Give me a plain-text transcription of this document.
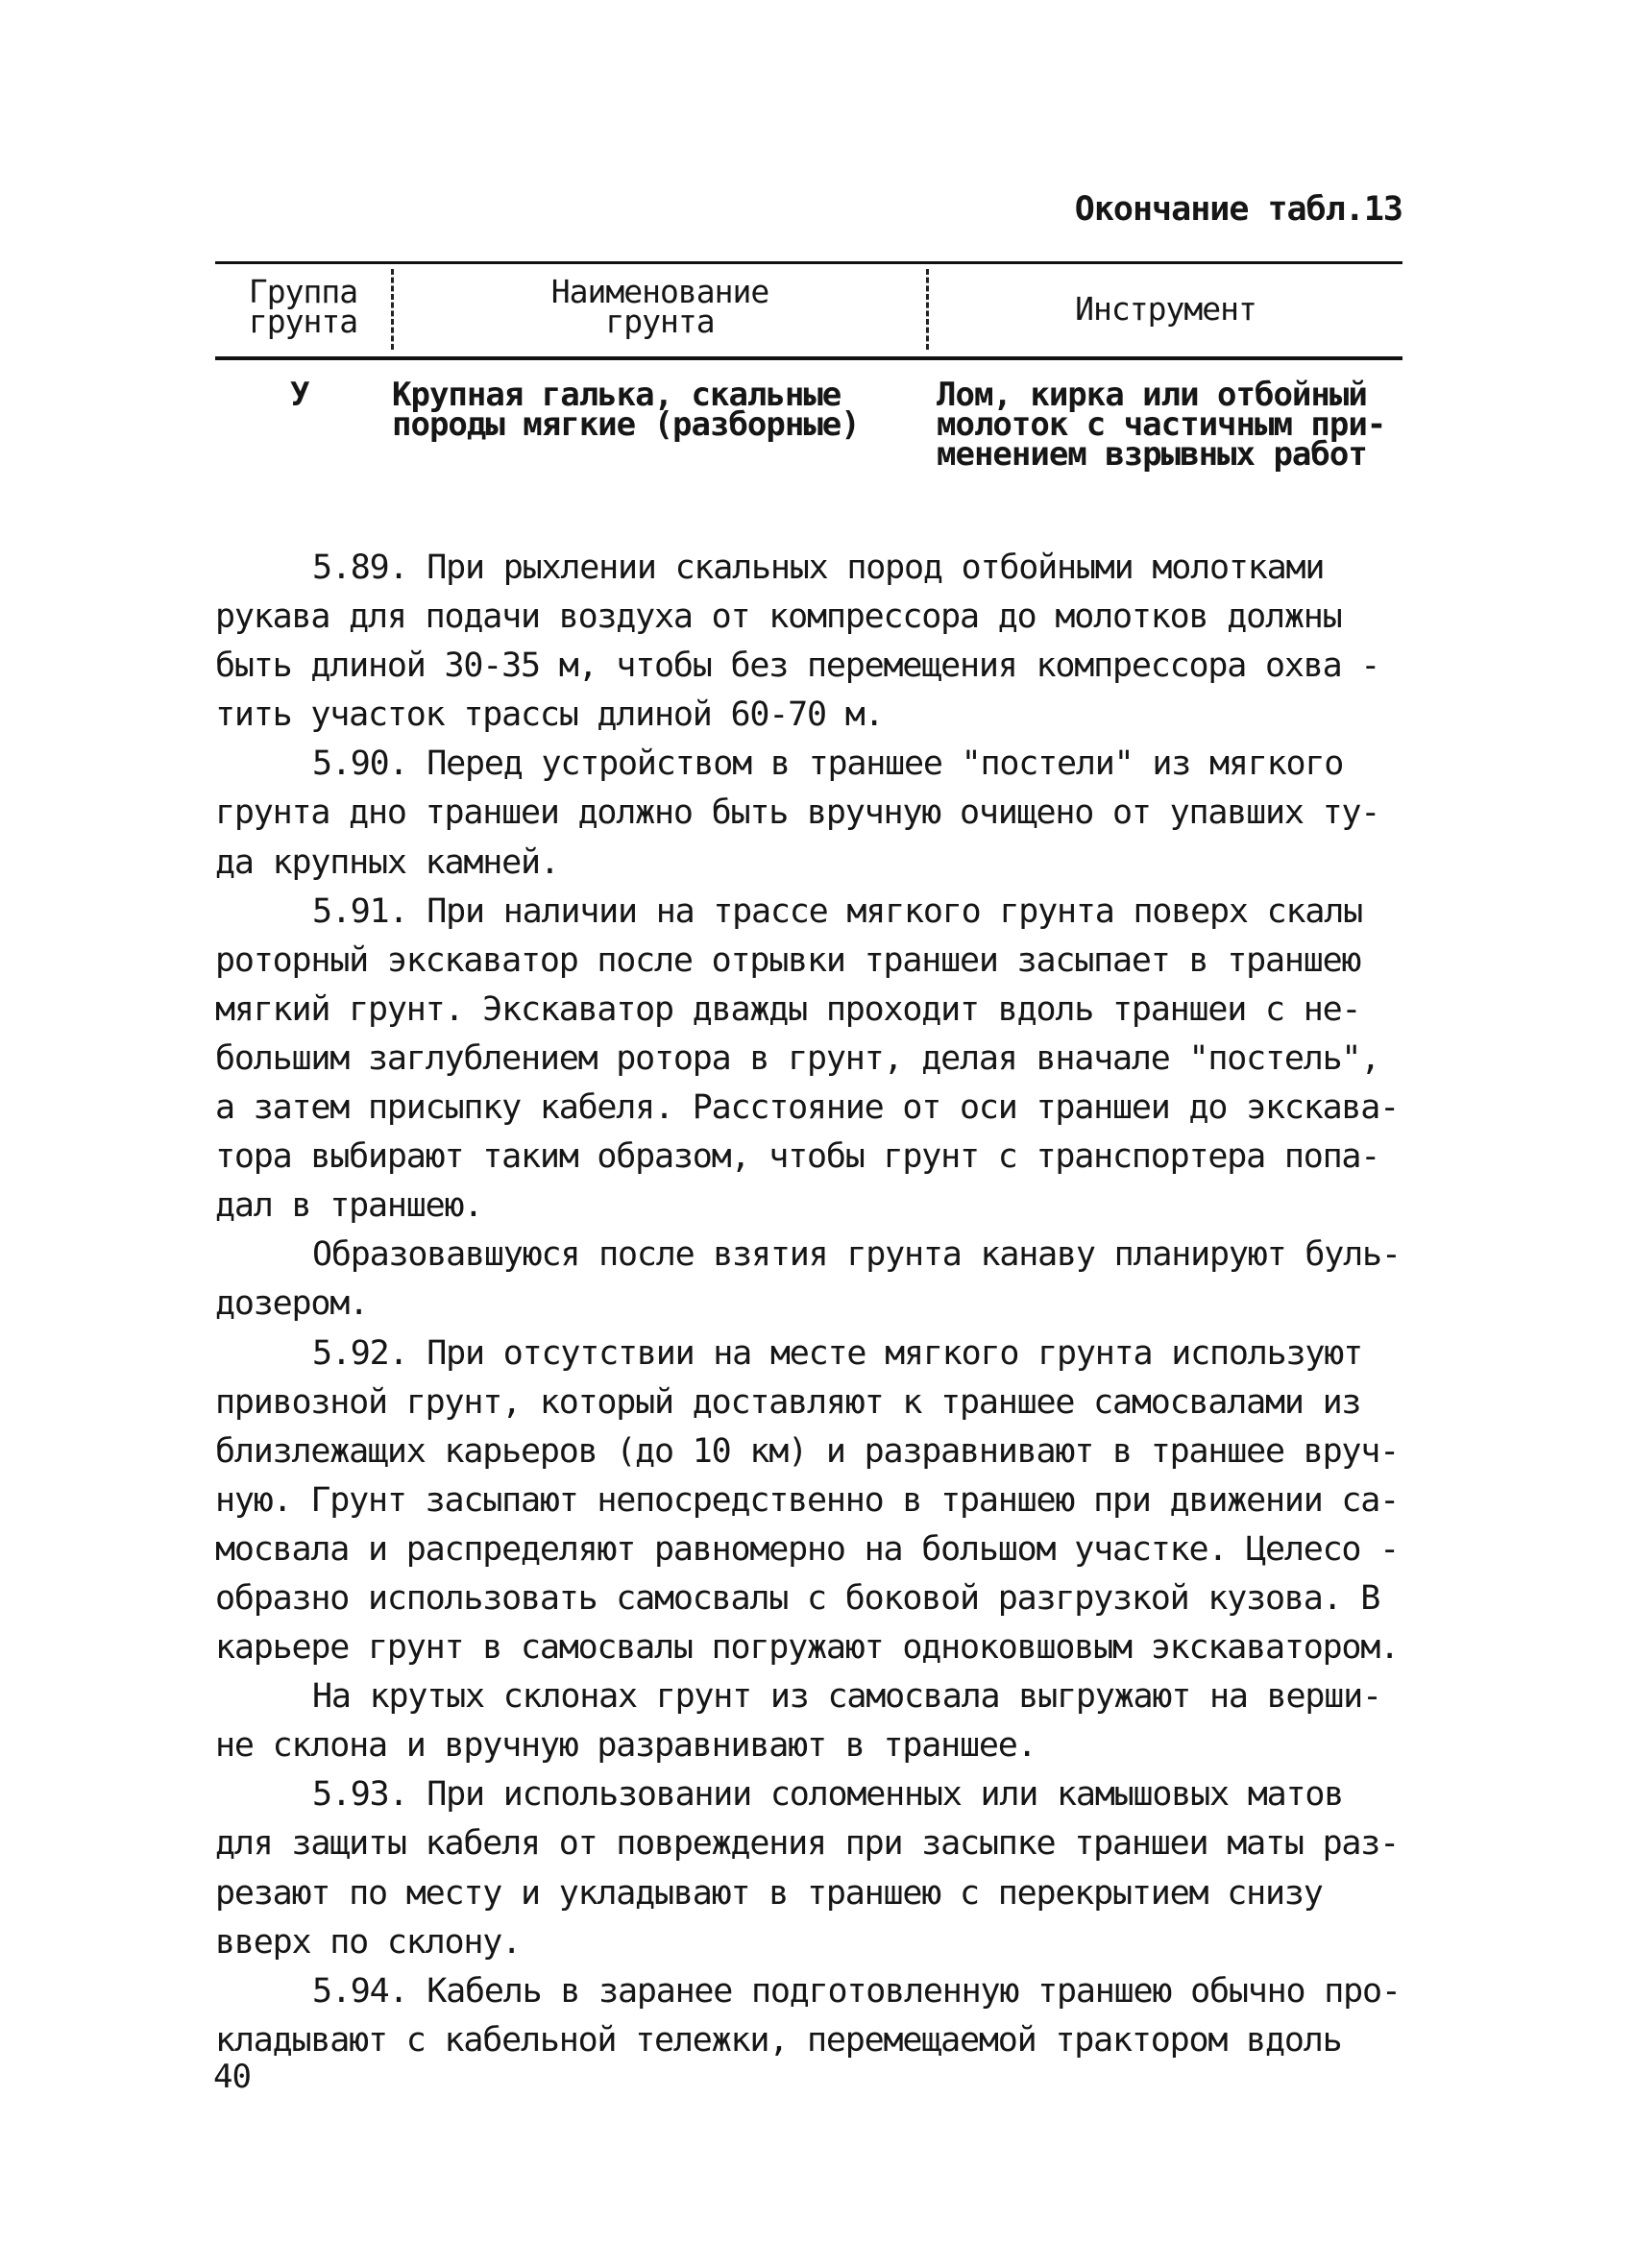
Окончание табл.13
Группа
грунта
Наименование
грунта	Инструмент
У	Крупная галька, скальные
породы мягкие (разборные)
Лом, кирка или отбойный
молоток с частичным при-
менением взрывных работ
5.89. При рыхлении скальных пород отбойными молотками
рукава для подачи воздуха от компрессора до молотков должны
быть длиной 30-35 м, чтобы без перемещения компрессора охва -
тить участок трассы длиной 60-70 м.
5.90. Перед устройством в траншее "постели" из мягкого
грунта дно траншеи должно быть вручную очищено от упавших ту-
да крупных камней.
5.91. При наличии на трассе мягкого грунта поверх скалы
роторный экскаватор после отрывки траншеи засыпает в траншею
мягкий грунт. Экскаватор дважды проходит вдоль траншеи с не-
большим заглублением ротора в грунт, делая вначале "постель",
а затем присыпку кабеля. Расстояние от оси траншеи до экскава-
тора выбирают таким образом, чтобы грунт с транспортера попа-
дал в траншею.
Образовавшуюся после взятия грунта канаву планируют буль-
дозером.
5.92. При отсутствии на месте мягкого грунта используют
привозной грунт, который доставляют к траншее самосвалами из
близлежащих карьеров (до 10 км) и разравнивают в траншее вруч-
ную. Грунт засыпают непосредственно в траншею при движении са-
мосвала и распределяют равномерно на большом участке. Целесо -
образно использовать самосвалы с боковой разгрузкой кузова. В
карьере грунт в самосвалы погружают одноковшовым экскаватором.
На крутых склонах грунт из самосвала выгружают на верши-
не склона и вручную разравнивают в траншее.
5.93. При использовании соломенных или камышовых матов
для защиты кабеля от повреждения при засыпке траншеи маты раз-
резают по месту и укладывают в траншею с перекрытием снизу
вверх по склону.
5.94. Кабель в заранее подготовленную траншею обычно про-
кладывают с кабельной тележки, перемещаемой трактором вдоль
40
